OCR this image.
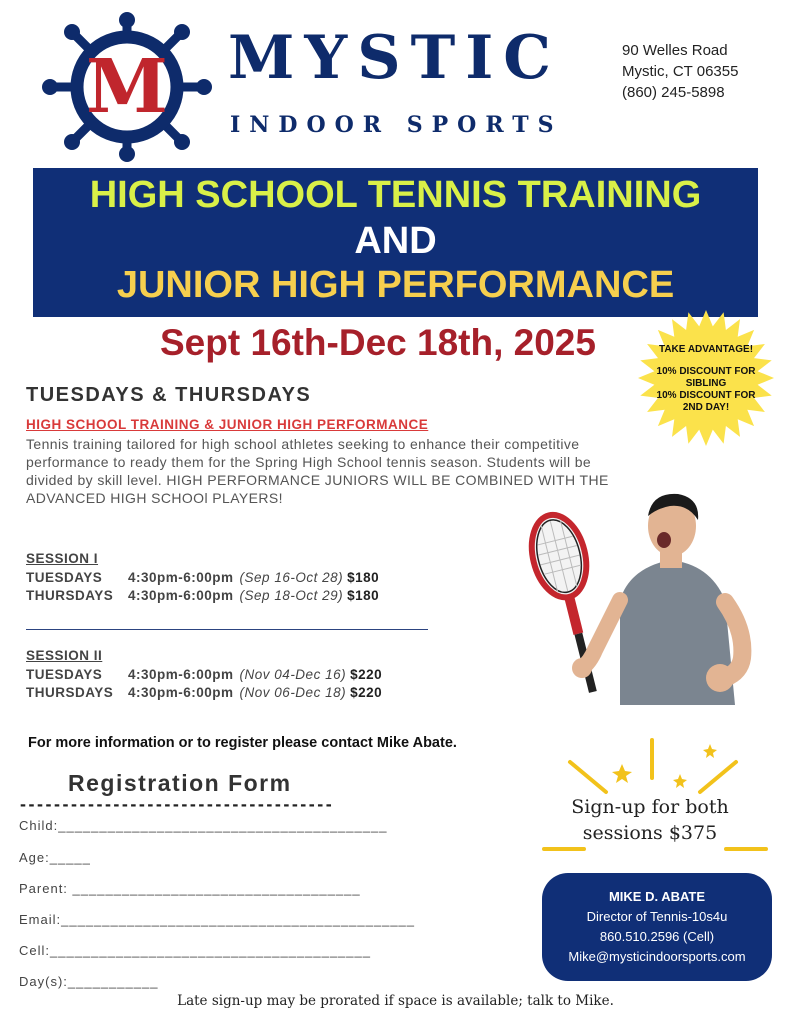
M MYSTIC
INDOOR SPORTS
90 Welles Road
Mystic, CT 06355
(860) 245-5898
HIGH SCHOOL TENNIS TRAINING
AND
JUNIOR HIGH PERFORMANCE
Sept 16th-Dec 18th, 2025	TAKE ADVANTAGE!
10% DISCOUNT FOR SIBLING
10% DISCOUNT FOR 2ND DAY!
TUESDAYS & THURSDAYS
HIGH SCHOOL TRAINING & JUNIOR HIGH PERFORMANCE
Tennis training tailored for high school athletes seeking to enhance their competitive performance to ready them for the Spring High School tennis season. Students will be divided by skill level. HIGH PERFORMANCE JUNIORS WILL BE COMBINED WITH THE ADVANCED HIGH SCHOOl PLAYERS!
SESSION I
TUESDAYS 4:30pm-6:00pm (Sep 16-Oct 28) $180
THURSDAYS 4:30pm-6:00pm (Sep 18-Oct 29) $180
SESSION II
TUESDAYS 4:30pm-6:00pm (Nov 04-Dec 16) $220
THURSDAYS 4:30pm-6:00pm (Nov 06-Dec 18) $220
For more information or to register please contact Mike Abate.
Registration Form
-------------------------------------
Child:________________________________________
Age:_____
Parent: ___________________________________
Email:___________________________________________
Cell:_______________________________________
Day(s):___________
Sign-up for both
sessions $375
MIKE D. ABATE
Director of Tennis-10s4u
860.510.2596 (Cell)
Mike@mysticindoorsports.com
Late sign-up may be prorated if space is available; talk to Mike.
